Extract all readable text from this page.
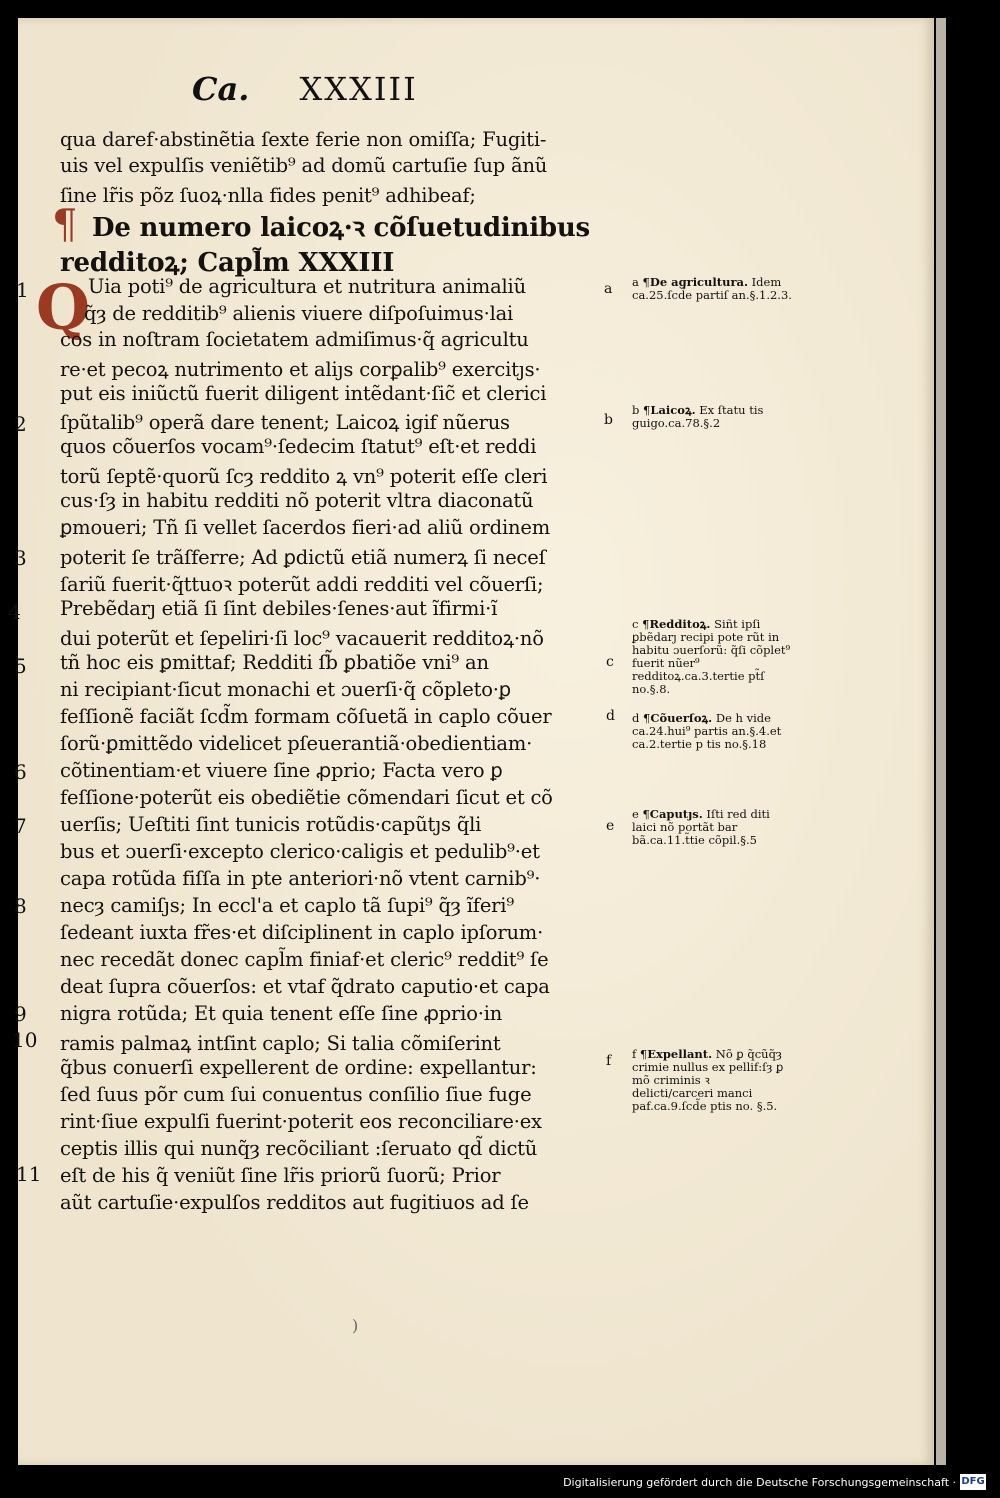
Ca. XXXIII
¶
Q
qua daref·abstinẽtia ſexte ferie non omiſſa; Fugiti-
uis vel expulſis veniẽtib⁹ ad domũ cartuſie ſup ãnũ
ſine lr̃is põz ſuoꝝ·nlla fides penit⁹ adhibeaf;
De numero laicoꝝ·ꝛ cõſuetudinibus
redditoꝝ; Capl̃m XXXIII
Uia poti⁹ de agricultura et nutritura animaliũ
q̃ȝ de redditib⁹ alienis viuere diſpoſuimus·lai
cos in noſtram ſocietatem admiſimus·q̃ agricultu
re·et pecoꝝ nutrimento et aliȷs corꝑalib⁹ exercitȷs·
put eis iniũctũ fuerit diligent intẽdant·ſic̃ et clerici
ſpũtalib⁹ operã dare tenent; Laicoꝝ igif nũerus
quos cõuerſos vocam⁹·ſedecim ſtatut⁹ eſt·et reddi
torũ ſeptẽ·quorũ ſcȝ reddito ꝝ vn⁹ poterit eſſe cleri
cus·ſȝ in habitu redditi nõ poterit vltra diaconatũ
ꝑmoueri; Tñ ſi vellet ſacerdos fieri·ad aliũ ordinem
poterit ſe trãſferre; Ad ꝑdictũ etiã numerꝝ ſi neceſ
ſariũ fuerit·q̃ttuoꝛ poterũt addi redditi vel cõuerſi;
Prebẽdarȷ etiã ſi ſint debiles·ſenes·aut ĩfirmi·ĩ
dui poterũt et ſepeliri·ſi loc⁹ vacauerit redditoꝝ·nõ
tñ hoc eis ꝑmittaf; Redditi ſb̃ ꝑbatiõe vni⁹ an
ni recipiant·ſicut monachi et ɔuerſi·q̃ cõpleto·ꝑ
feſſionẽ faciãt ſcd̃m formam cõſuetã in caplo cõuer
ſorũ·ꝑmittẽdo videlicet pſeuerantiã·obedientiam·
cõtinentiam·et viuere ſine ꝓprio; Facta vero ꝑ
feſſione·poterũt eis obediẽtie cõmendari ſicut et cõ
uerſis; Ueſtiti ſint tunicis rotũdis·capũtȷs q̃li
bus et ɔuerſi·excepto clerico·caligis et pedulib⁹·et
capa rotũda fiſſa in pte anteriori·nõ vtent carnib⁹·
necȝ camiſȷs; In eccl'a et caplo tã ſupi⁹ q̃ȝ ĩferi⁹
ſedeant iuxta fr̃es·et diſciplinent in caplo ipſorum·
nec recedãt donec capl̃m finiaf·et cleric⁹ reddit⁹ ſe
deat ſupra cõuerſos: et vtaf q̃drato caputio·et capa
nigra rotũda; Et quia tenent eſſe ſine ꝓprio·in
ramis palmaꝝ intſint caplo; Si talia cõmiſerint
q̃bus conuerſi expellerent de ordine: expellantur:
ſed ſuus põr cum ſui conuentus conſilio ſiue fuge
rint·ſiue expulſi fuerint·poterit eos reconciliare·ex
ceptis illis qui nunq̃ȝ recõciliant :ſeruato qd̃ dictũ
eſt de his q̃ veniũt ſine lr̃is priorũ ſuorũ; Prior
aũt cartuſie·expulſos redditos aut fugitiuos ad ſe
1
2
3
4
5
6
7
8
9
10
11
a
b
c
d
e
f
a ¶De agricultura. Idem ca.25.ſcd̃e partiſ an.§.1.2.3.
b ¶Laicoꝝ. Ex ſtatu tis guigo.ca.78.§.2
c ¶Redditoꝝ. Siñt ipſi ꝑbẽdarȷ recipi pote rũt in habitu ɔuerſorũ: q̃ſi cõplet⁹ fuerit nũer⁹ redditoꝝ.ca.3.tertie pt̃ſ no.§.8.
d ¶Cõuerſoꝝ. De h vide ca.24.hui⁹ partis an.§.4.et ca.2.tertie p tis no.§.18
e ¶Caputȷs. Iſti red diti laici nõ portãt bar bã.ca.11.t̃tie cõpil.§.5
f ¶Expellant. Nõ ꝑ q̃cũq̃ȝ crimie nullus ex pellif:ſȝ ꝑ mõ criminis ꝛ delicti/carceri manci paf.ca.9.ſcd̃e ptis no. §.5.
)
Digitalisierung gefördert durch die Deutsche Forschungsgemeinschaft · DFG
